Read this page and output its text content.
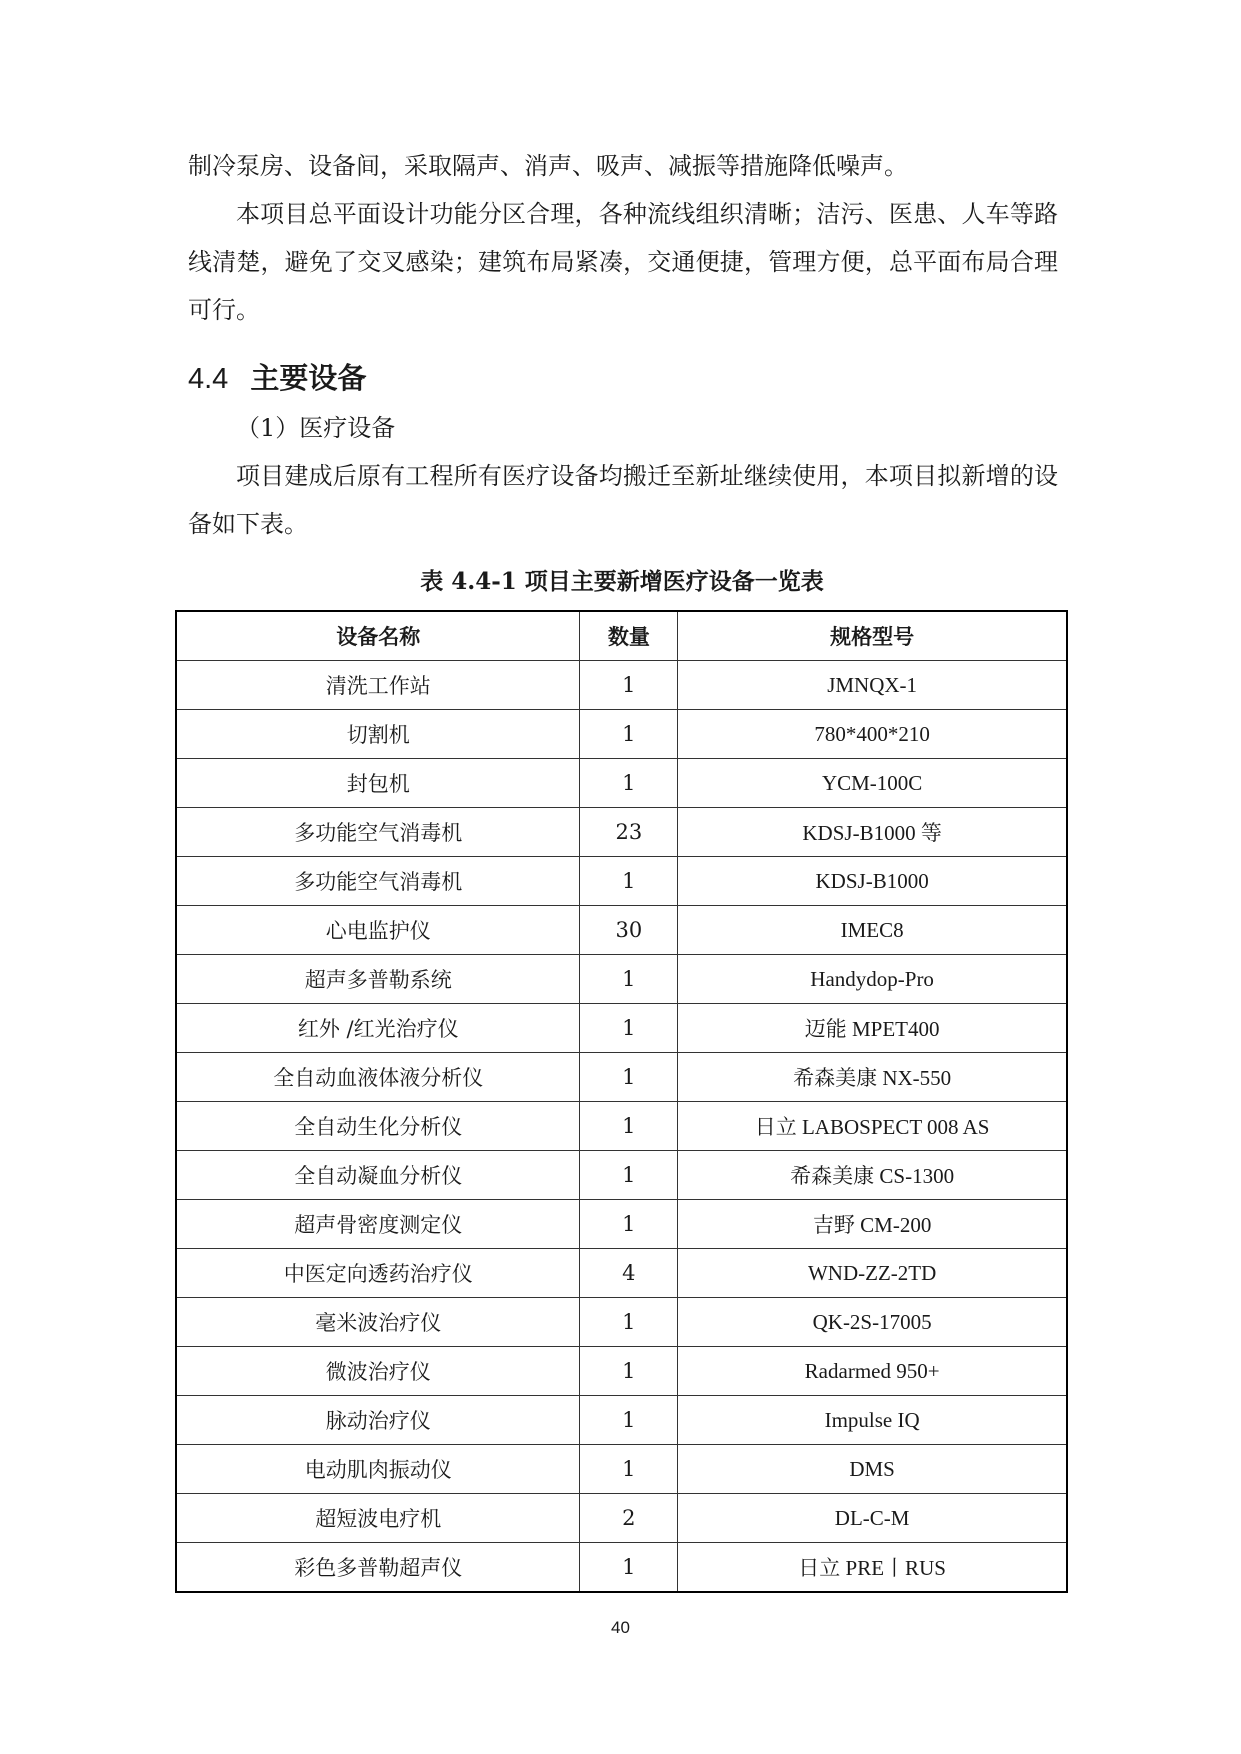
制冷泵房、设备间，采取隔声、消声、吸声、减振等措施降低噪声。

本项目总平面设计功能分区合理，各种流线组织清晰；洁污、医患、人车等路线清楚，避免了交叉感染；建筑布局紧凑，交通便捷，管理方便，总平面布局合理可行。

4.4 主要设备

（1）医疗设备

项目建成后原有工程所有医疗设备均搬迁至新址继续使用，本项目拟新增的设备如下表。

表 4.4-1 项目主要新增医疗设备一览表

设备名称	数量	规格型号
清洗工作站	1	JMNQX-1
切割机	1	780*400*210
封包机	1	YCM-100C
多功能空气消毒机	23	KDSJ-B1000 等
多功能空气消毒机	1	KDSJ-B1000
心电监护仪	30	IMEC8
超声多普勒系统	1	Handydop-Pro
红外 /红光治疗仪	1	迈能 MPET400
全自动血液体液分析仪	1	希森美康 NX-550
全自动生化分析仪	1	日立 LABOSPECT 008 AS
全自动凝血分析仪	1	希森美康 CS-1300
超声骨密度测定仪	1	吉野 CM-200
中医定向透药治疗仪	4	WND-ZZ-2TD
毫米波治疗仪	1	QK-2S-17005
微波治疗仪	1	Radarmed 950+
脉动治疗仪	1	Impulse IQ
电动肌肉振动仪	1	DMS
超短波电疗机	2	DL-C-M
彩色多普勒超声仪	1	日立 PRE丨RUS

40
